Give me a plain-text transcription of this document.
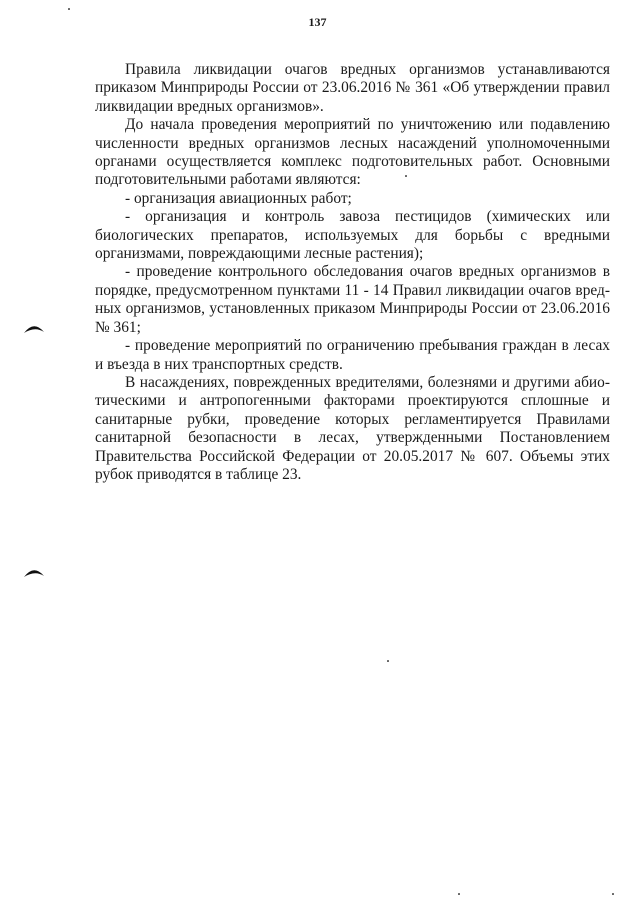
137

Правила ликвидации очагов вредных организмов устанавливаются приказом Минприроды России от 23.06.2016 № 361 «Об утверждении правил ликвидации вредных организмов».

До начала проведения мероприятий по уничтожению или подавлению численности вредных организмов лесных насаждений уполномоченными органами осуществляется комплекс подготовительных работ. Основными подготовительными работами являются:

- организация авиационных работ;

- организация и контроль завоза пестицидов (химических или биологических препаратов, используемых для борьбы с вредными организмами, повреждающими лесные растения);

- проведение контрольного обследования очагов вредных организмов в порядке, предусмотренном пунктами 11 - 14 Правил ликвидации очагов вредных организмов, установленных приказом Минприроды России от 23.06.2016 № 361;

- проведение мероприятий по ограничению пребывания граждан в лесах и въезда в них транспортных средств.

В насаждениях, поврежденных вредителями, болезнями и другими абиотическими и антропогенными факторами проектируются сплошные и санитарные рубки, проведение которых регламентируется Правилами санитарной безопасности в лесах, утвержденными Постановлением Правительства Российской Федерации от 20.05.2017 № 607. Объемы этих рубок приводятся в таблице 23.
